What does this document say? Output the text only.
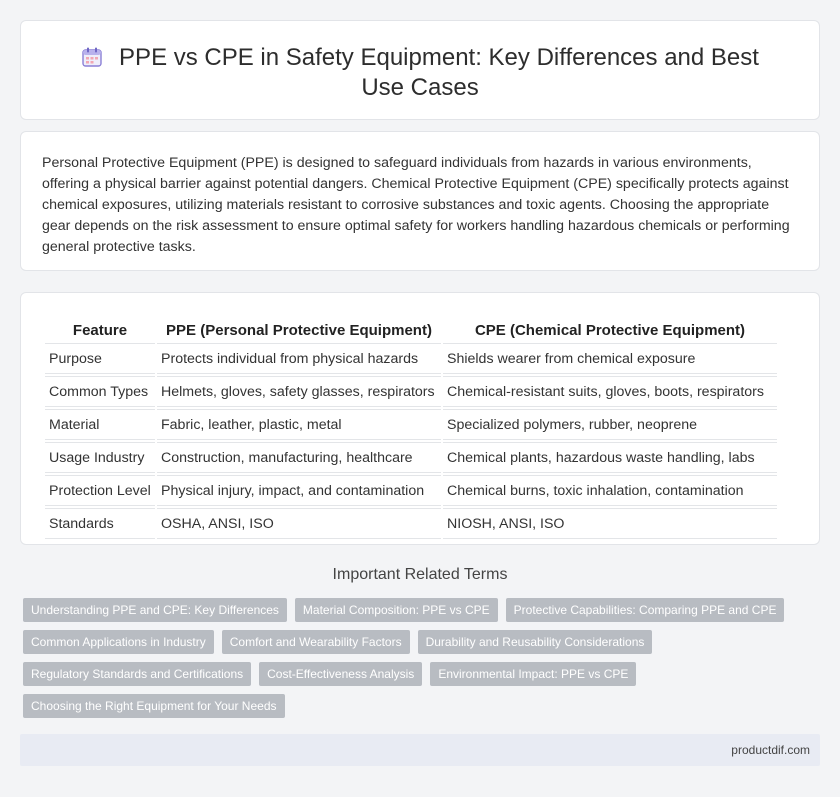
PPE vs CPE in Safety Equipment: Key Differences and Best Use Cases

Personal Protective Equipment (PPE) is designed to safeguard individuals from hazards in various environments, offering a physical barrier against potential dangers. Chemical Protective Equipment (CPE) specifically protects against chemical exposures, utilizing materials resistant to corrosive substances and toxic agents. Choosing the appropriate gear depends on the risk assessment to ensure optimal safety for workers handling hazardous chemicals or performing general protective tasks.

Feature	PPE (Personal Protective Equipment)	CPE (Chemical Protective Equipment)
Purpose	Protects individual from physical hazards	Shields wearer from chemical exposure
Common Types	Helmets, gloves, safety glasses, respirators	Chemical-resistant suits, gloves, boots, respirators
Material	Fabric, leather, plastic, metal	Specialized polymers, rubber, neoprene
Usage Industry	Construction, manufacturing, healthcare	Chemical plants, hazardous waste handling, labs
Protection Level	Physical injury, impact, and contamination	Chemical burns, toxic inhalation, contamination
Standards	OSHA, ANSI, ISO	NIOSH, ANSI, ISO
Important Related Terms
Understanding PPE and CPE: Key Differences	Material Composition: PPE vs CPE	Protective Capabilities: Comparing PPE and CPE
Common Applications in Industry	Comfort and Wearability Factors	Durability and Reusability Considerations
Regulatory Standards and Certifications	Cost-Effectiveness Analysis	Environmental Impact: PPE vs CPE
Choosing the Right Equipment for Your Needs
productdif.com
